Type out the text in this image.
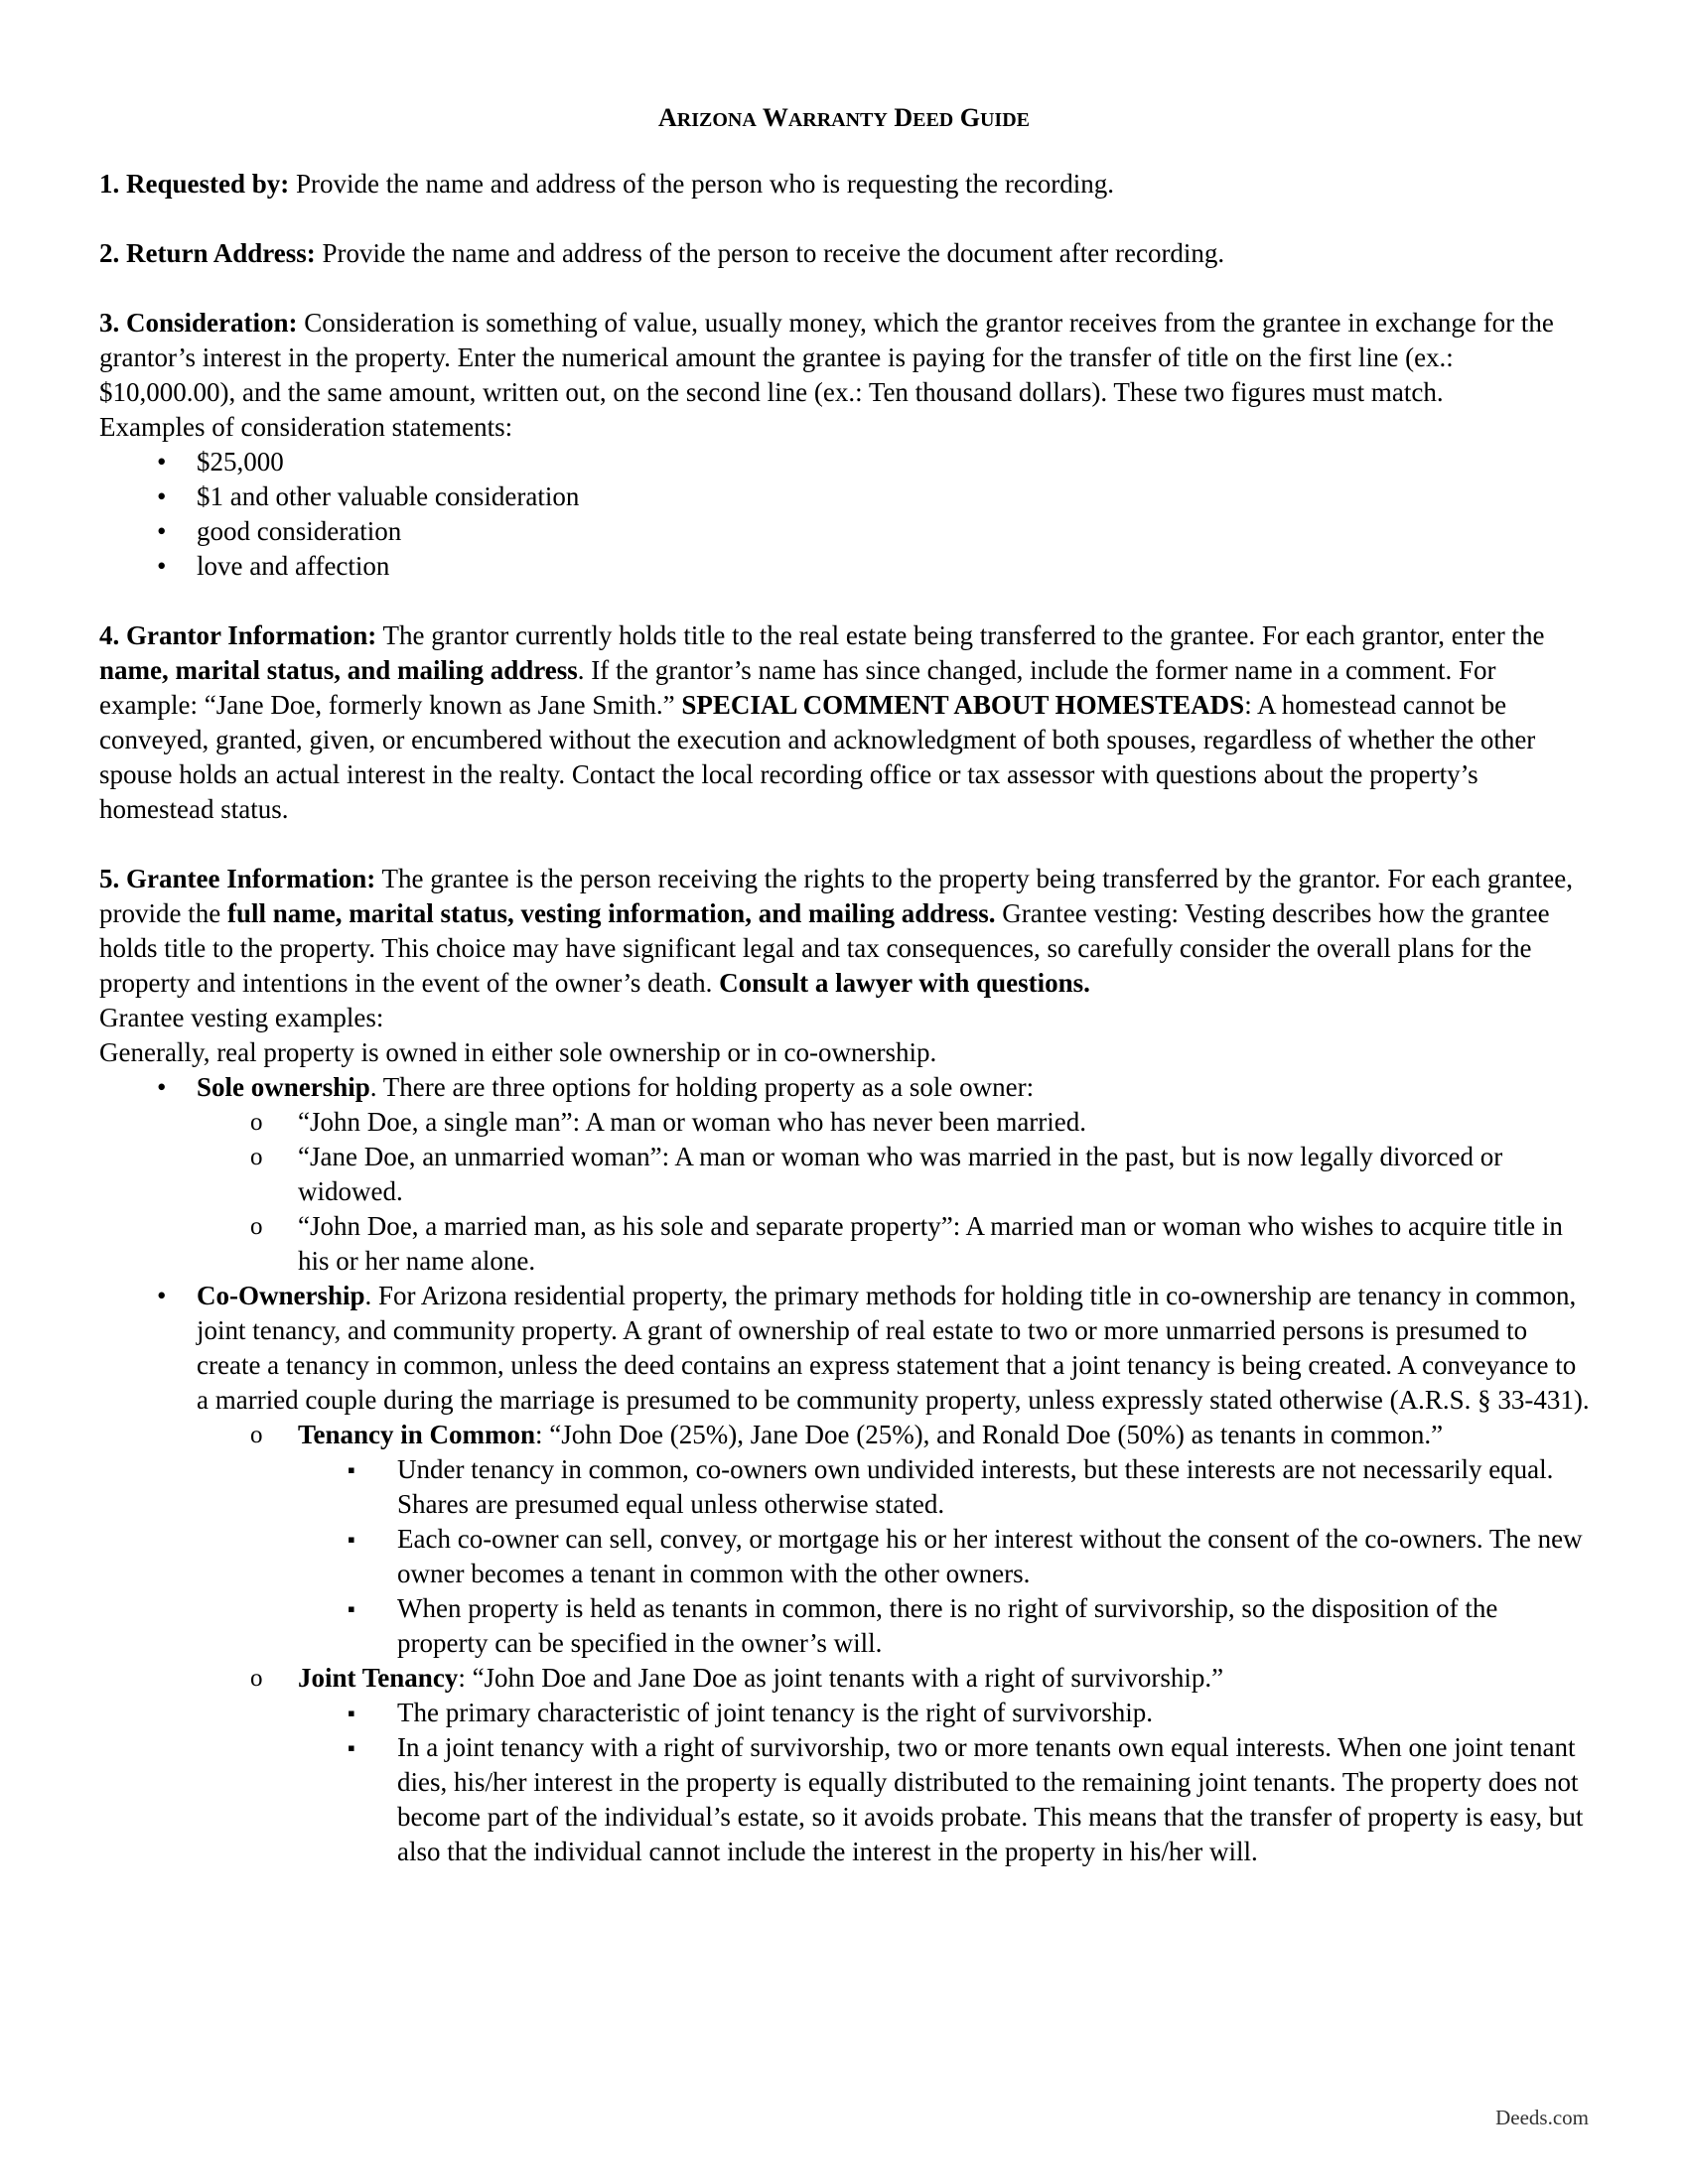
ARIZONA WARRANTY DEED GUIDE

1. Requested by: Provide the name and address of the person who is requesting the recording.

2. Return Address: Provide the name and address of the person to receive the document after recording.

3. Consideration: Consideration is something of value, usually money, which the grantor receives from the grantee in exchange for the grantor’s interest in the property. Enter the numerical amount the grantee is paying for the transfer of title on the first line (ex.: $10,000.00), and the same amount, written out, on the second line (ex.: Ten thousand dollars). These two figures must match.

Examples of consideration statements:

• $25,000
• $1 and other valuable consideration
• good consideration
• love and affection

4. Grantor Information: The grantor currently holds title to the real estate being transferred to the grantee. For each grantor, enter the name, marital status, and mailing address. If the grantor’s name has since changed, include the former name in a comment. For example: “Jane Doe, formerly known as Jane Smith.” SPECIAL COMMENT ABOUT HOMESTEADS: A homestead cannot be conveyed, granted, given, or encumbered without the execution and acknowledgment of both spouses, regardless of whether the other spouse holds an actual interest in the realty. Contact the local recording office or tax assessor with questions about the property’s homestead status.

5. Grantee Information: The grantee is the person receiving the rights to the property being transferred by the grantor. For each grantee, provide the full name, marital status, vesting information, and mailing address. Grantee vesting: Vesting describes how the grantee holds title to the property. This choice may have significant legal and tax consequences, so carefully consider the overall plans for the property and intentions in the event of the owner’s death. Consult a lawyer with questions.

Grantee vesting examples:

Generally, real property is owned in either sole ownership or in co-ownership.

• Sole ownership. There are three options for holding property as a sole owner:
o “John Doe, a single man”: A man or woman who has never been married.
o “Jane Doe, an unmarried woman”: A man or woman who was married in the past, but is now legally divorced or widowed.
o “John Doe, a married man, as his sole and separate property”: A married man or woman who wishes to acquire title in his or her name alone.
• Co-Ownership. For Arizona residential property, the primary methods for holding title in co-ownership are tenancy in common, joint tenancy, and community property. A grant of ownership of real estate to two or more unmarried persons is presumed to create a tenancy in common, unless the deed contains an express statement that a joint tenancy is being created. A conveyance to a married couple during the marriage is presumed to be community property, unless expressly stated otherwise (A.R.S. § 33-431).
o Tenancy in Common: “John Doe (25%), Jane Doe (25%), and Ronald Doe (50%) as tenants in common.”
▪ Under tenancy in common, co-owners own undivided interests, but these interests are not necessarily equal. Shares are presumed equal unless otherwise stated.
▪ Each co-owner can sell, convey, or mortgage his or her interest without the consent of the co-owners. The new owner becomes a tenant in common with the other owners.
▪ When property is held as tenants in common, there is no right of survivorship, so the disposition of the property can be specified in the owner’s will.
o Joint Tenancy: “John Doe and Jane Doe as joint tenants with a right of survivorship.”
▪ The primary characteristic of joint tenancy is the right of survivorship.
▪ In a joint tenancy with a right of survivorship, two or more tenants own equal interests. When one joint tenant dies, his/her interest in the property is equally distributed to the remaining joint tenants. The property does not become part of the individual’s estate, so it avoids probate. This means that the transfer of property is easy, but also that the individual cannot include the interest in the property in his/her will.
Deeds.com
